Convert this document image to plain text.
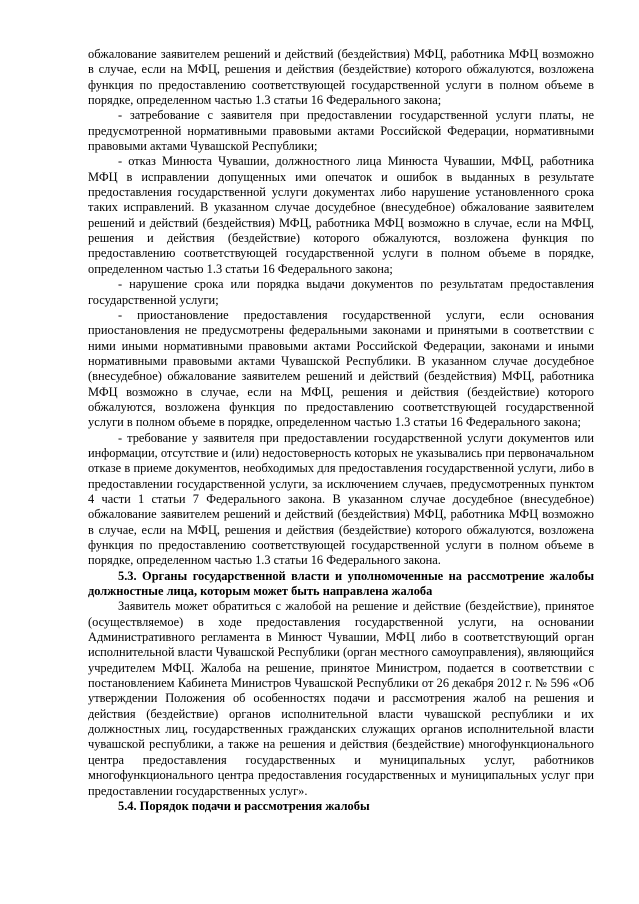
обжалование заявителем решений и действий (бездействия) МФЦ, работника МФЦ возможно в случае, если на МФЦ, решения и действия (бездействие) которого обжалуются, возложена функция по предоставлению соответствующей государственной услуги в полном объеме в порядке, определенном частью 1.3 статьи 16 Федерального закона;

- затребование с заявителя при предоставлении государственной услуги платы, не предусмотренной нормативными правовыми актами Российской Федерации, нормативными правовыми актами Чувашской Республики;

- отказ Минюста Чувашии, должностного лица Минюста Чувашии, МФЦ, работника МФЦ в исправлении допущенных ими опечаток и ошибок в выданных в результате предоставления государственной услуги документах либо нарушение установленного срока таких исправлений. В указанном случае досудебное (внесудебное) обжалование заявителем решений и действий (бездействия) МФЦ, работника МФЦ возможно в случае, если на МФЦ, решения и действия (бездействие) которого обжалуются, возложена функция по предоставлению соответствующей государственной услуги в полном объеме в порядке, определенном частью 1.3 статьи 16 Федерального закона;

- нарушение срока или порядка выдачи документов по результатам предоставления государственной услуги;

- приостановление предоставления государственной услуги, если основания приостановления не предусмотрены федеральными законами и принятыми в соответствии с ними иными нормативными правовыми актами Российской Федерации, законами и иными нормативными правовыми актами Чувашской Республики. В указанном случае досудебное (внесудебное) обжалование заявителем решений и действий (бездействия) МФЦ, работника МФЦ возможно в случае, если на МФЦ, решения и действия (бездействие) которого обжалуются, возложена функция по предоставлению соответствующей государственной услуги в полном объеме в порядке, определенном частью 1.3 статьи 16 Федерального закона;

- требование у заявителя при предоставлении государственной услуги документов или информации, отсутствие и (или) недостоверность которых не указывались при первоначальном отказе в приеме документов, необходимых для предоставления государственной услуги, либо в предоставлении государственной услуги, за исключением случаев, предусмотренных пунктом 4 части 1 статьи 7 Федерального закона. В указанном случае досудебное (внесудебное) обжалование заявителем решений и действий (бездействия) МФЦ, работника МФЦ возможно в случае, если на МФЦ, решения и действия (бездействие) которого обжалуются, возложена функция по предоставлению соответствующей государственной услуги в полном объеме в порядке, определенном частью 1.3 статьи 16 Федерального закона.

5.3. Органы государственной власти и уполномоченные на рассмотрение жалобы должностные лица, которым может быть направлена жалоба

Заявитель может обратиться с жалобой на решение и действие (бездействие), принятое (осуществляемое) в ходе предоставления государственной услуги, на основании Административного регламента в Минюст Чувашии, МФЦ либо в соответствующий орган исполнительной власти Чувашской Республики (орган местного самоуправления), являющийся учредителем МФЦ. Жалоба на решение, принятое Министром, подается в соответствии с постановлением Кабинета Министров Чувашской Республики от 26 декабря 2012 г. № 596 «Об утверждении Положения об особенностях подачи и рассмотрения жалоб на решения и действия (бездействие) органов исполнительной власти чувашской республики и их должностных лиц, государственных гражданских служащих органов исполнительной власти чувашской республики, а также на решения и действия (бездействие) многофункционального центра предоставления государственных и муниципальных услуг, работников многофункционального центра предоставления государственных и муниципальных услуг при предоставлении государственных услуг».

5.4. Порядок подачи и рассмотрения жалобы
